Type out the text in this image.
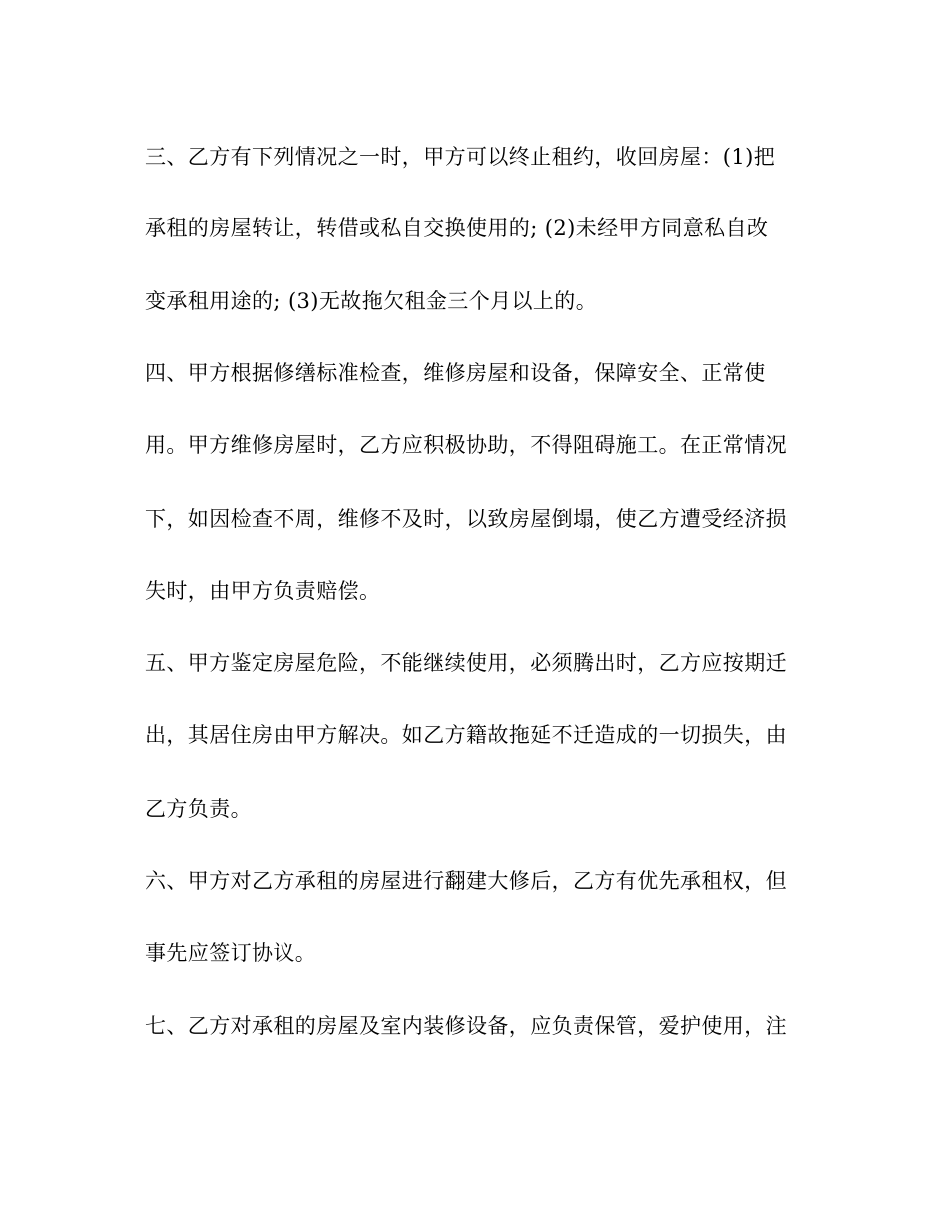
三、乙方有下列情况之一时，甲方可以终止租约，收回房屋：(1)把
承租的房屋转让，转借或私自交换使用的; (2)未经甲方同意私自改
变承租用途的; (3)无故拖欠租金三个月以上的。
四、甲方根据修缮标准检查，维修房屋和设备，保障安全、正常使
用。甲方维修房屋时，乙方应积极协助，不得阻碍施工。在正常情况
下，如因检查不周，维修不及时，以致房屋倒塌，使乙方遭受经济损
失时，由甲方负责赔偿。
五、甲方鉴定房屋危险，不能继续使用，必须腾出时，乙方应按期迁
出，其居住房由甲方解决。如乙方籍故拖延不迁造成的一切损失，由
乙方负责。
六、甲方对乙方承租的房屋进行翻建大修后，乙方有优先承租权，但
事先应签订协议。
七、乙方对承租的房屋及室内装修设备，应负责保管，爱护使用，注
